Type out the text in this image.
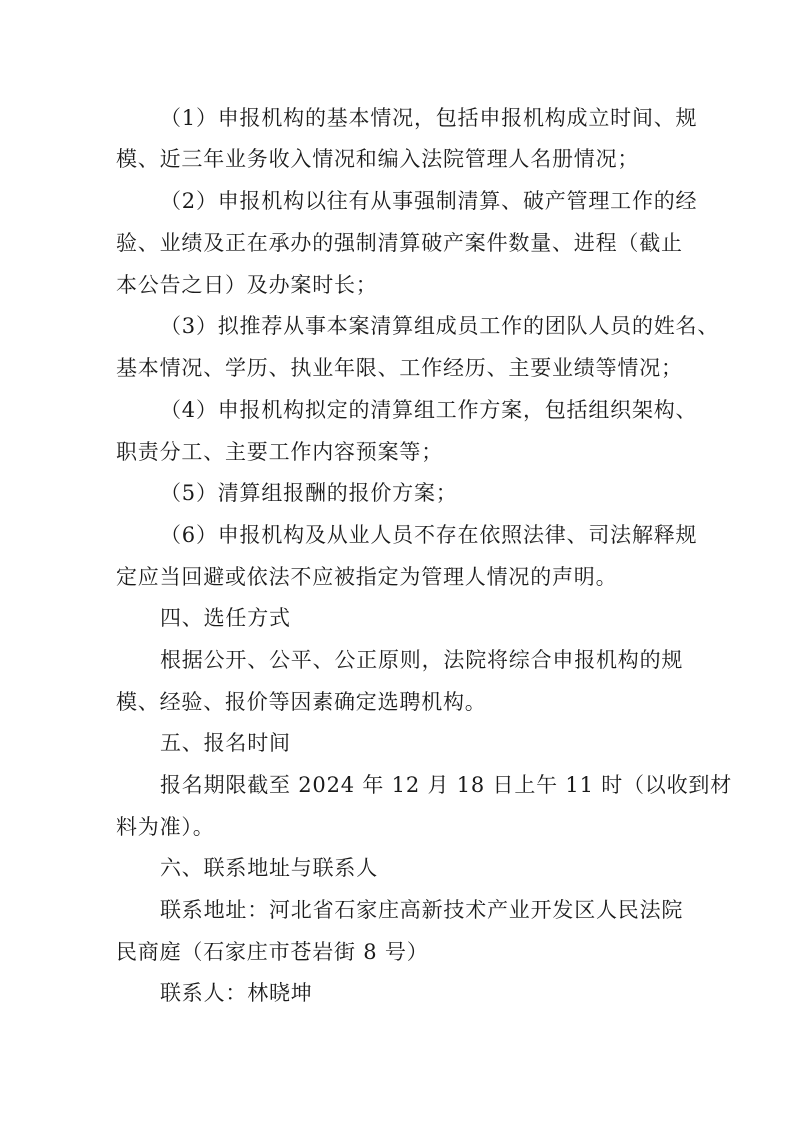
（1）申报机构的基本情况，包括申报机构成立时间、规
模、近三年业务收入情况和编入法院管理人名册情况；
（2）申报机构以往有从事强制清算、破产管理工作的经
验、业绩及正在承办的强制清算破产案件数量、进程（截止
本公告之日）及办案时长；
（3）拟推荐从事本案清算组成员工作的团队人员的姓名、
基本情况、学历、执业年限、工作经历、主要业绩等情况；
（4）申报机构拟定的清算组工作方案，包括组织架构、
职责分工、主要工作内容预案等；
（5）清算组报酬的报价方案；
（6）申报机构及从业人员不存在依照法律、司法解释规
定应当回避或依法不应被指定为管理人情况的声明。
四、选任方式
根据公开、公平、公正原则，法院将综合申报机构的规
模、经验、报价等因素确定选聘机构。
五、报名时间
报名期限截至 2024 年 12 月 18 日上午 11 时（以收到材
料为准）。
六、联系地址与联系人
联系地址：河北省石家庄高新技术产业开发区人民法院
民商庭（石家庄市苍岩街 8 号）
联系人：林晓坤
